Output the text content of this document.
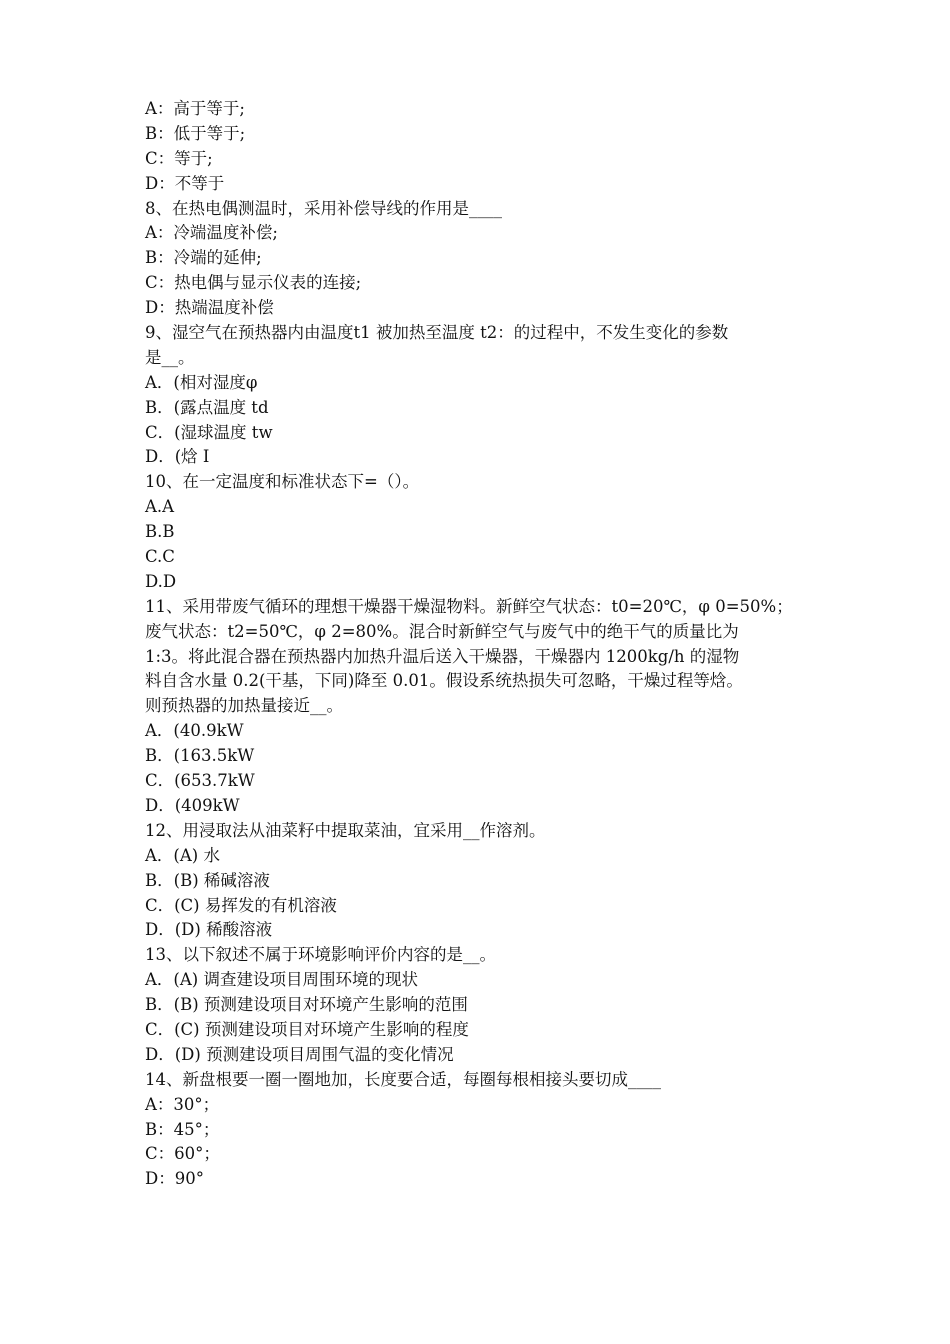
A：高于等于;
B：低于等于;
C：等于;
D：不等于
8、在热电偶测温时，采用补偿导线的作用是____
A：冷端温度补偿;
B：冷端的延伸;
C：热电偶与显示仪表的连接;
D：热端温度补偿
9、湿空气在预热器内由温度t1 被加热至温度 t2：的过程中，不发生变化的参数
是__。
A．(相对湿度φ
B．(露点温度 td
C．(湿球温度 tw
D．(焓 I
10、在一定温度和标准状态下=（）。
A.A
B.B
C.C
D.D
11、采用带废气循环的理想干燥器干燥湿物料。新鲜空气状态：t0=20℃，φ 0=50%；
废气状态：t2=50℃，φ 2=80%。混合时新鲜空气与废气中的绝干气的质量比为
1:3。将此混合器在预热器内加热升温后送入干燥器，干燥器内 1200kg/h 的湿物
料自含水量 0.2(干基，下同)降至 0.01。假设系统热损失可忽略，干燥过程等焓。
则预热器的加热量接近__。
A．(40.9kW
B．(163.5kW
C．(653.7kW
D．(409kW
12、用浸取法从油菜籽中提取菜油，宜采用__作溶剂。
A．(A) 水
B．(B) 稀碱溶液
C．(C) 易挥发的有机溶液
D．(D) 稀酸溶液
13、以下叙述不属于环境影响评价内容的是__。
A．(A) 调查建设项目周围环境的现状
B．(B) 预测建设项目对环境产生影响的范围
C．(C) 预测建设项目对环境产生影响的程度
D．(D) 预测建设项目周围气温的变化情况
14、新盘根要一圈一圈地加，长度要合适，每圈每根相接头要切成____
A：30°；
B：45°；
C：60°；
D：90°
